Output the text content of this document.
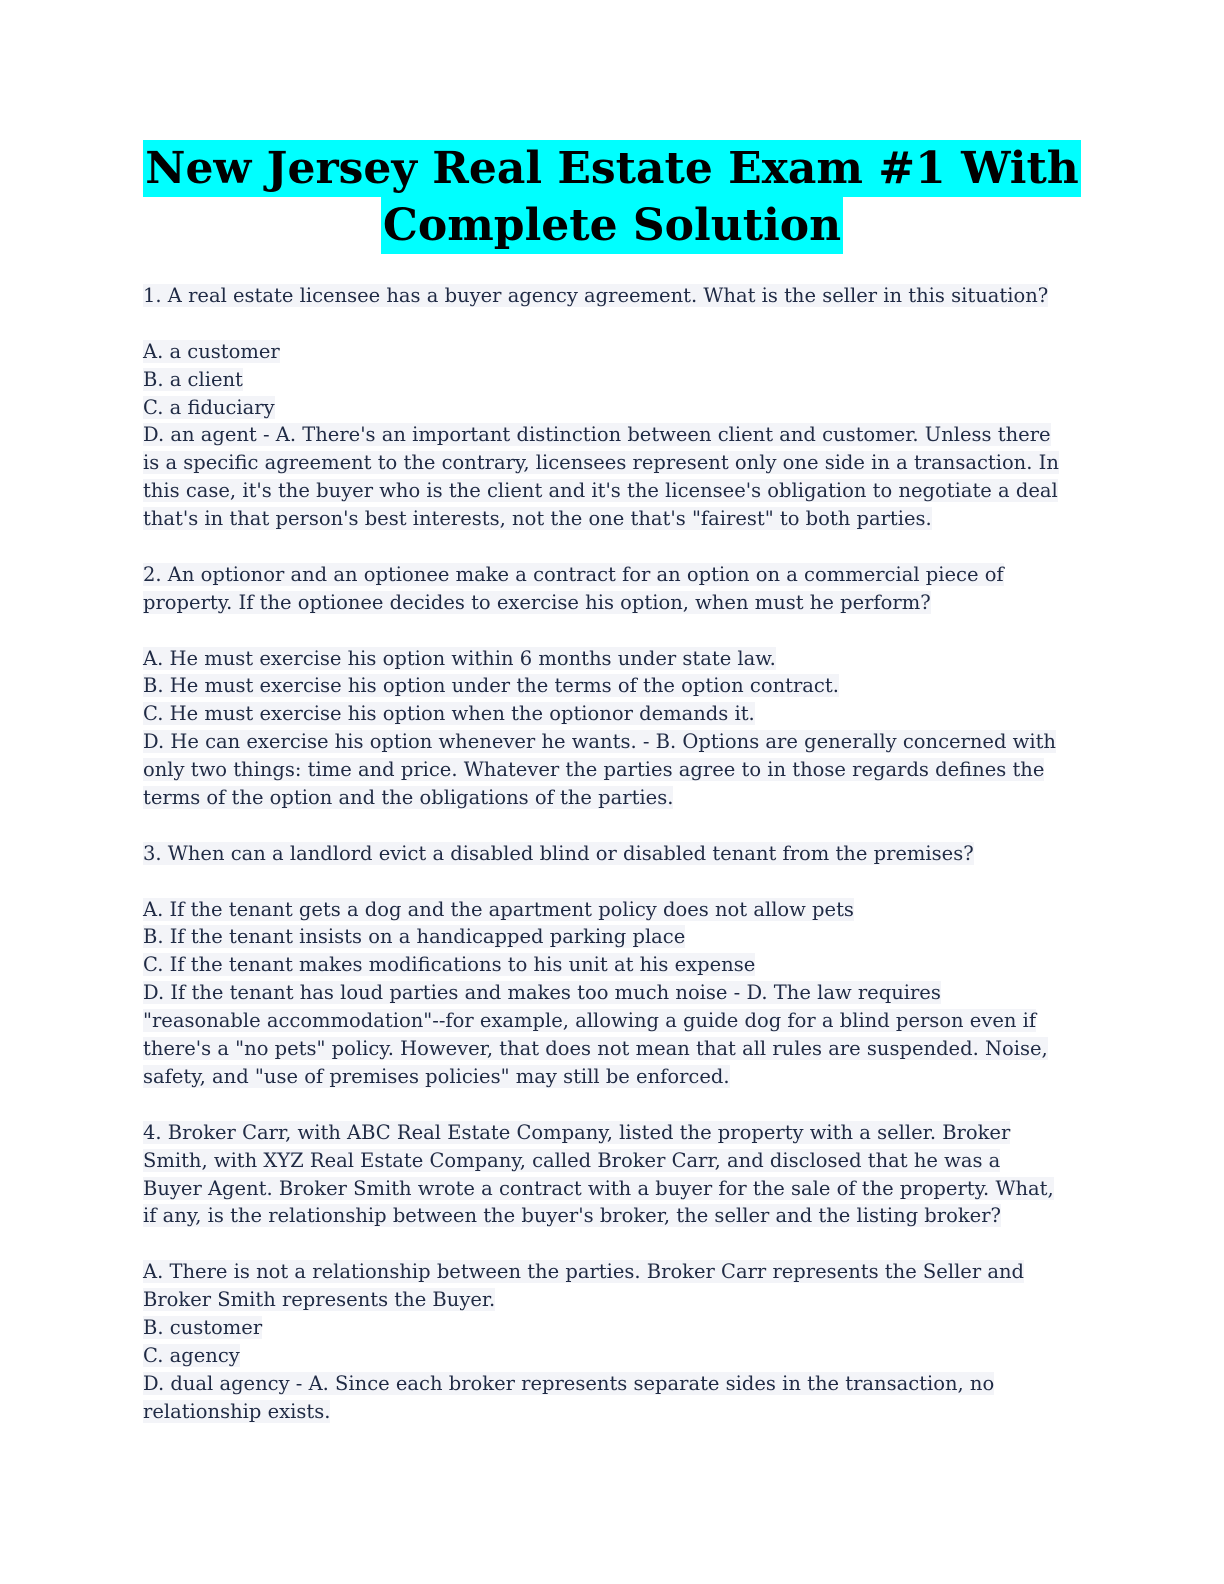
New Jersey Real Estate Exam #1 With
Complete Solution
1. A real estate licensee has a buyer agency agreement. What is the seller in this situation?
A. a customer
B. a client
C. a fiduciary
D. an agent - A. There's an important distinction between client and customer. Unless there
is a specific agreement to the contrary, licensees represent only one side in a transaction. In
this case, it's the buyer who is the client and it's the licensee's obligation to negotiate a deal
that's in that person's best interests, not the one that's "fairest" to both parties.
2. An optionor and an optionee make a contract for an option on a commercial piece of
property. If the optionee decides to exercise his option, when must he perform?
A. He must exercise his option within 6 months under state law.
B. He must exercise his option under the terms of the option contract.
C. He must exercise his option when the optionor demands it.
D. He can exercise his option whenever he wants. - B. Options are generally concerned with
only two things: time and price. Whatever the parties agree to in those regards defines the
terms of the option and the obligations of the parties.
3. When can a landlord evict a disabled blind or disabled tenant from the premises?
A. If the tenant gets a dog and the apartment policy does not allow pets
B. If the tenant insists on a handicapped parking place
C. If the tenant makes modifications to his unit at his expense
D. If the tenant has loud parties and makes too much noise - D. The law requires
"reasonable accommodation"--for example, allowing a guide dog for a blind person even if
there's a "no pets" policy. However, that does not mean that all rules are suspended. Noise,
safety, and "use of premises policies" may still be enforced.
4. Broker Carr, with ABC Real Estate Company, listed the property with a seller. Broker
Smith, with XYZ Real Estate Company, called Broker Carr, and disclosed that he was a
Buyer Agent. Broker Smith wrote a contract with a buyer for the sale of the property. What,
if any, is the relationship between the buyer's broker, the seller and the listing broker?
A. There is not a relationship between the parties. Broker Carr represents the Seller and
Broker Smith represents the Buyer.
B. customer
C. agency
D. dual agency - A. Since each broker represents separate sides in the transaction, no
relationship exists.
